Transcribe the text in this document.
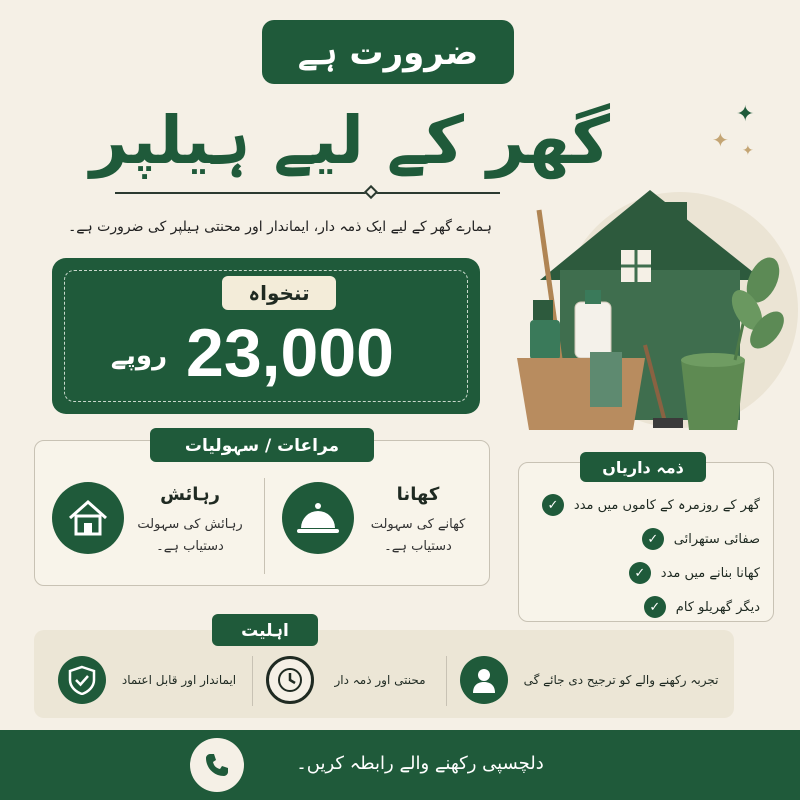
ضرورت ہے
گھر کے لیے ہیلپر
ہمارے گھر کے لیے ایک ذمہ دار، ایماندار اور محنتی ہیلپر کی ضرورت ہے۔
✦
✦ ✦
تنخواہ
23,000
روپے
مراعات / سہولیات
رہائش
رہائش کی سہولت
دستیاب ہے۔
کھانا
کھانے کی سہولت
دستیاب ہے۔
ذمہ داریاں
گھر کے روزمرہ کے کاموں میں مدد
✓
صفائی ستھرائی
✓
کھانا بنانے میں مدد
✓
دیگر گھریلو کام
✓
اہلیت
ایماندار اور قابل اعتماد	محنتی اور ذمہ دار	تجربہ رکھنے والے کو ترجیح دی جائے گی
دلچسپی رکھنے والے رابطہ کریں۔
